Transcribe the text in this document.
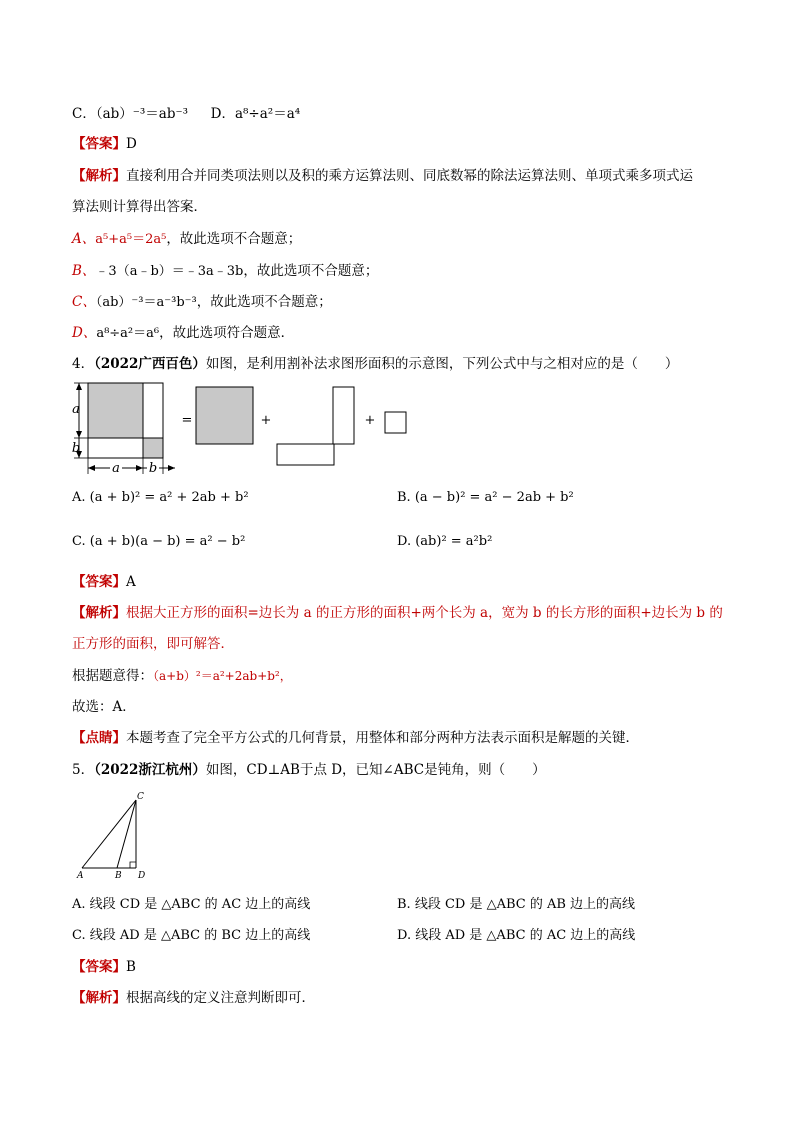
C．（ab）⁻³＝ab⁻³ D．a⁸÷a²＝a⁴
【答案】D
【解析】直接利用合并同类项法则以及积的乘方运算法则、同底数幂的除法运算法则、单项式乘多项式运
算法则计算得出答案．
A、a⁵+a⁵＝2a⁵，故此选项不合题意；
B、﹣3（a﹣b）＝﹣3a﹣3b，故此选项不合题意；
C、（ab）⁻³＝a⁻³b⁻³，故此选项不合题意；
D、a⁸÷a²＝a⁶，故此选项符合题意．
4．（2022广西百色）如图，是利用割补法求图形面积的示意图，下列公式中与之相对应的是（　　）
a
b
a b
=	+	+
A. (a + b)² = a² + 2ab + b²	B. (a − b)² = a² − 2ab + b²
C. (a + b)(a − b) = a² − b²	D. (ab)² = a²b²
【答案】A
【解析】根据大正方形的面积=边长为 a 的正方形的面积+两个长为 a，宽为 b 的长方形的面积+边长为 b 的
正方形的面积，即可解答．
根据题意得：（a+b）²＝a²+2ab+b²，
故选：A．
【点睛】本题考查了完全平方公式的几何背景，用整体和部分两种方法表示面积是解题的关键．
5．（2022浙江杭州）如图，CD⊥AB于点 D，已知∠ABC是钝角，则（　　）
A	B
C
D
A. 线段 CD 是 △ABC 的 AC 边上的高线	B. 线段 CD 是 △ABC 的 AB 边上的高线
C. 线段 AD 是 △ABC 的 BC 边上的高线	D. 线段 AD 是 △ABC 的 AC 边上的高线
【答案】B
【解析】根据高线的定义注意判断即可．
